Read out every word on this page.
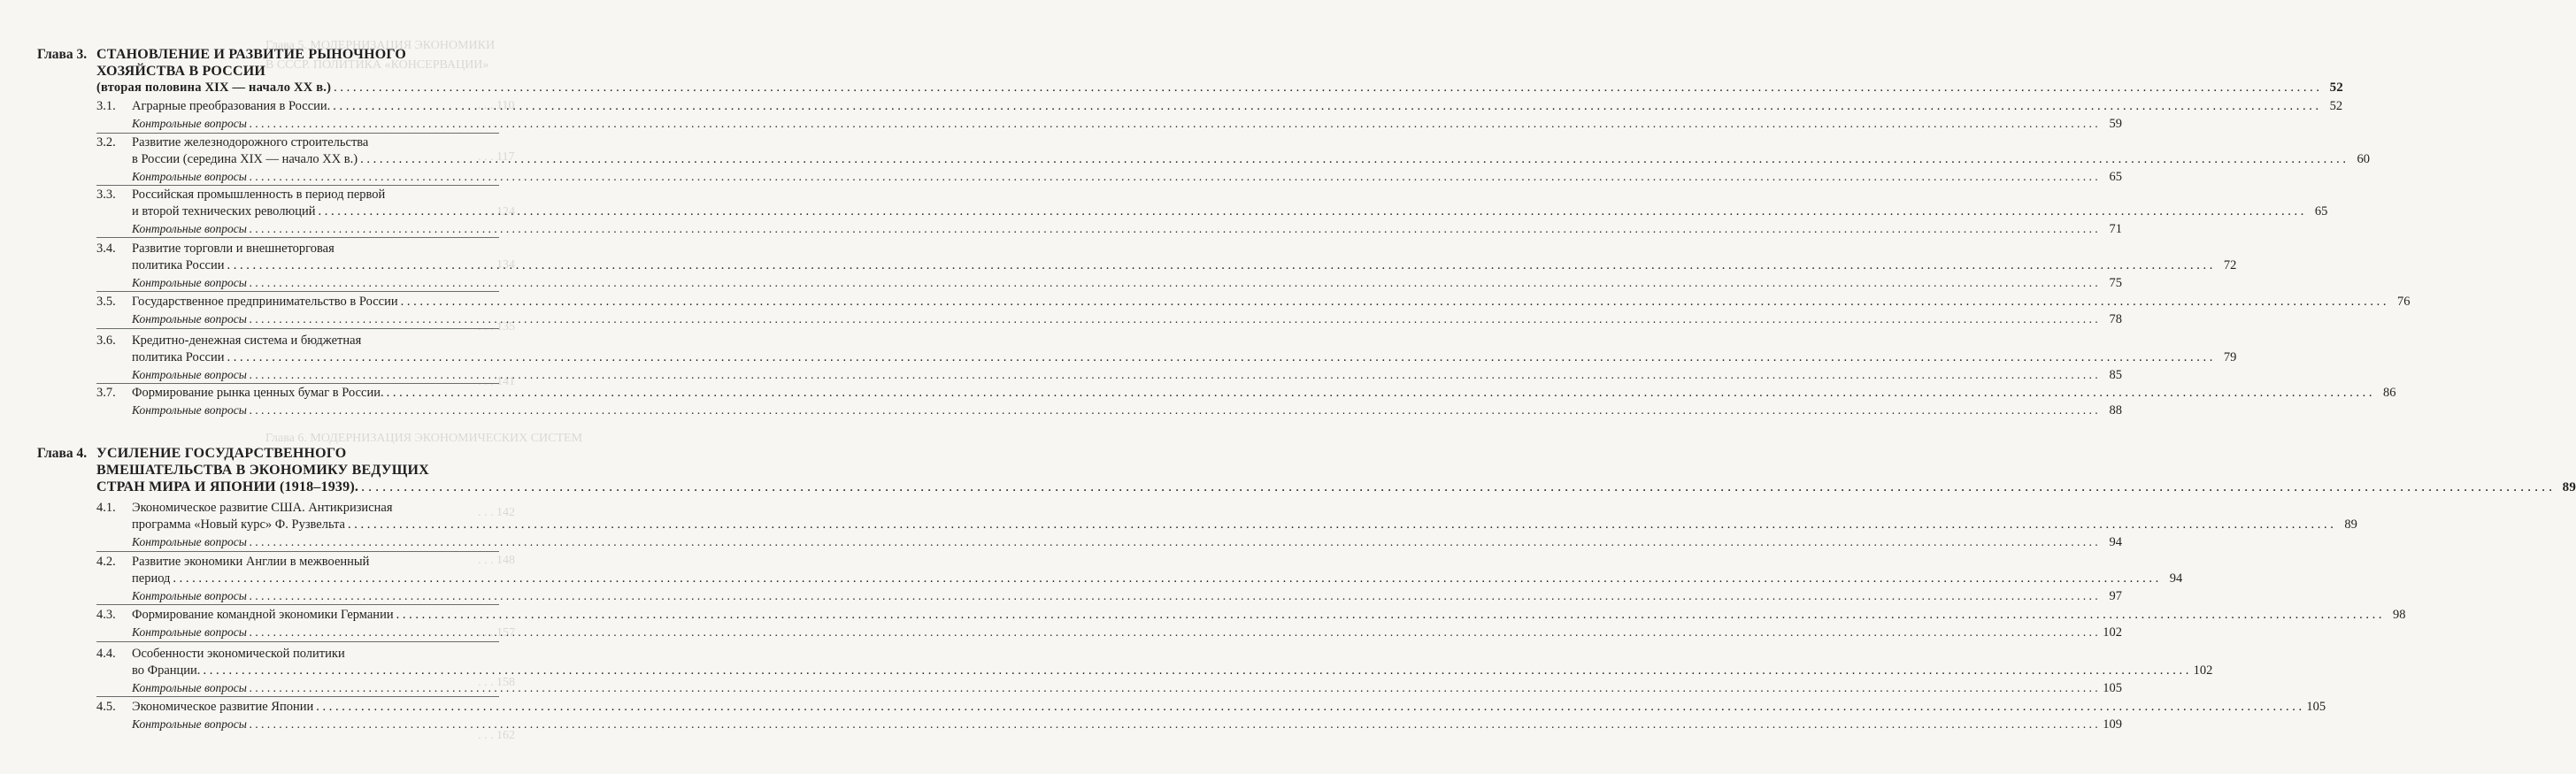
Глава 5. МОДЕРНИЗАЦИЯ ЭКОНОМИКИ
В СССР. ПОЛИТИКА «КОНСЕРВАЦИИ»
. . . 110
. . . 117
. . . 124
. . . 134
. . . 135
. . . 141
Глава 6. МОДЕРНИЗАЦИЯ ЭКОНОМИЧЕСКИХ СИСТЕМ
. . . 142
. . . 148
. . . 157
. . . 158
. . . 162
Глава 3. СТАНОВЛЕНИЕ И РАЗВИТИЕ РЫНОЧНОГО
ХОЗЯЙСТВА В РОССИИ
(вторая половина XIX — начало XX в.) . . .	52
3.1. Аграрные преобразования в России. . . .	52
Контрольные вопросы . . .	59
3.2. Развитие железнодорожного строительства
в России (середина XIX — начало XX в.) . . .	60
Контрольные вопросы . . .	65
3.3. Российская промышленность в период первой
и второй технических революций . . .	65
Контрольные вопросы . . .	71
3.4. Развитие торговли и внешнеторговая
политика России . . .	72
Контрольные вопросы . . .	75
3.5. Государственное предпринимательство в России . . .	76
Контрольные вопросы . . .	78
3.6. Кредитно-денежная система и бюджетная
политика России . . .	79
Контрольные вопросы . . .	85
3.7. Формирование рынка ценных бумаг в России. . . .	86
Контрольные вопросы . . .	88
Глава 4. УСИЛЕНИЕ ГОСУДАРСТВЕННОГО
ВМЕШАТЕЛЬСТВА В ЭКОНОМИКУ ВЕДУЩИХ
СТРАН МИРА И ЯПОНИИ (1918–1939). . . .	89
4.1. Экономическое развитие США. Антикризисная
программа «Новый курс» Ф. Рузвельта . . .	89
Контрольные вопросы . . .	94
4.2. Развитие экономики Англии в межвоенный
период . . .	94
Контрольные вопросы . . .	97
4.3. Формирование командной экономики Германии . . .	98
Контрольные вопросы . . .	102
4.4. Особенности экономической политики
во Франции. . . .	102
Контрольные вопросы . . .	105
4.5. Экономическое развитие Японии . . .	105
Контрольные вопросы . . .	109
